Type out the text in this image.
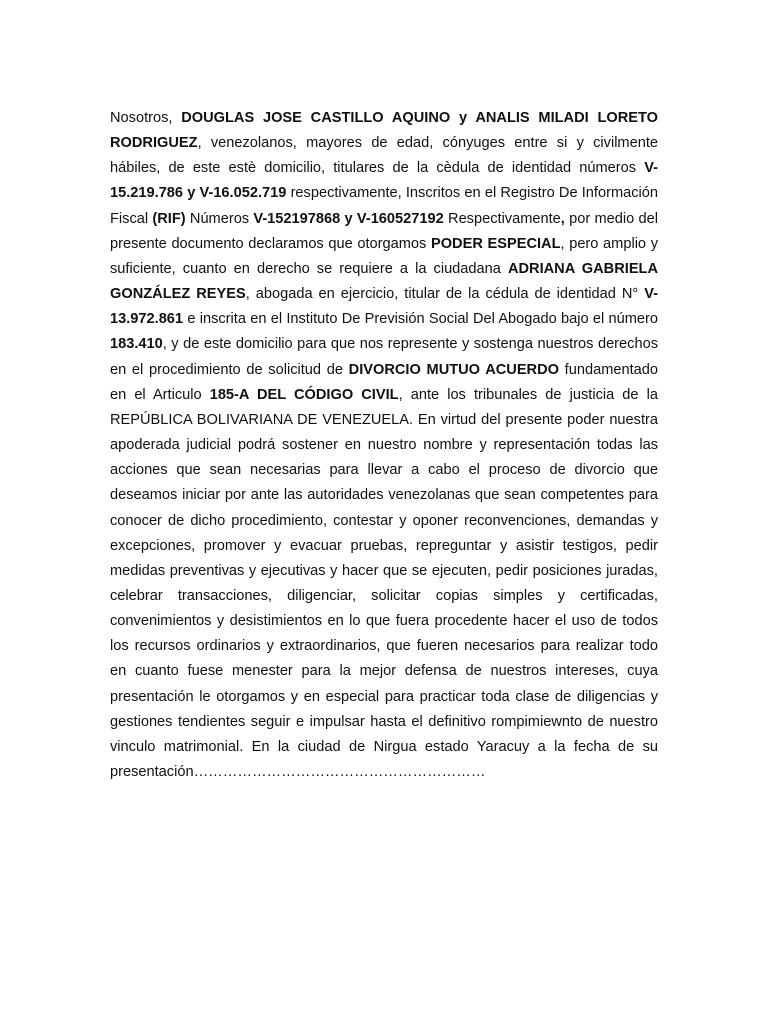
Nosotros, DOUGLAS JOSE CASTILLO AQUINO y ANALIS MILADI LORETO RODRIGUEZ, venezolanos, mayores de edad, cónyuges entre si y civilmente hábiles, de este estè domicilio, titulares de la cèdula de identidad números V-15.219.786 y V-16.052.719 respectivamente, Inscritos en el Registro De Información Fiscal (RIF) Números V-152197868 y V-160527192 Respectivamente, por medio del presente documento declaramos que otorgamos PODER ESPECIAL, pero amplio y suficiente, cuanto en derecho se requiere a la ciudadana ADRIANA GABRIELA GONZÁLEZ REYES, abogada en ejercicio, titular de la cédula de identidad N° V- 13.972.861 e inscrita en el Instituto De Previsión Social Del Abogado bajo el número 183.410, y de este domicilio para que nos represente y sostenga nuestros derechos en el procedimiento de solicitud de DIVORCIO MUTUO ACUERDO fundamentado en el Articulo 185-A DEL CÓDIGO CIVIL, ante los tribunales de justicia de la REPÚBLICA BOLIVARIANA DE VENEZUELA. En virtud del presente poder nuestra apoderada judicial podrá sostener en nuestro nombre y representación todas las acciones que sean necesarias para llevar a cabo el proceso de divorcio que deseamos iniciar por ante las autoridades venezolanas que sean competentes para conocer de dicho procedimiento, contestar y oponer reconvenciones, demandas y excepciones, promover y evacuar pruebas, repreguntar y asistir testigos, pedir medidas preventivas y ejecutivas y hacer que se ejecuten, pedir posiciones juradas, celebrar transacciones, diligenciar, solicitar copias simples y certificadas, convenimientos y desistimientos en lo que fuera procedente hacer el uso de todos los recursos ordinarios y extraordinarios, que fueren necesarios para realizar todo en cuanto fuese menester para la mejor defensa de nuestros intereses, cuya presentación le otorgamos y en especial para practicar toda clase de diligencias y gestiones tendientes seguir e impulsar hasta el definitivo rompimiewnto de nuestro vinculo matrimonial. En la ciudad de Nirgua estado Yaracuy a la fecha de su presentación……………………………………………………
